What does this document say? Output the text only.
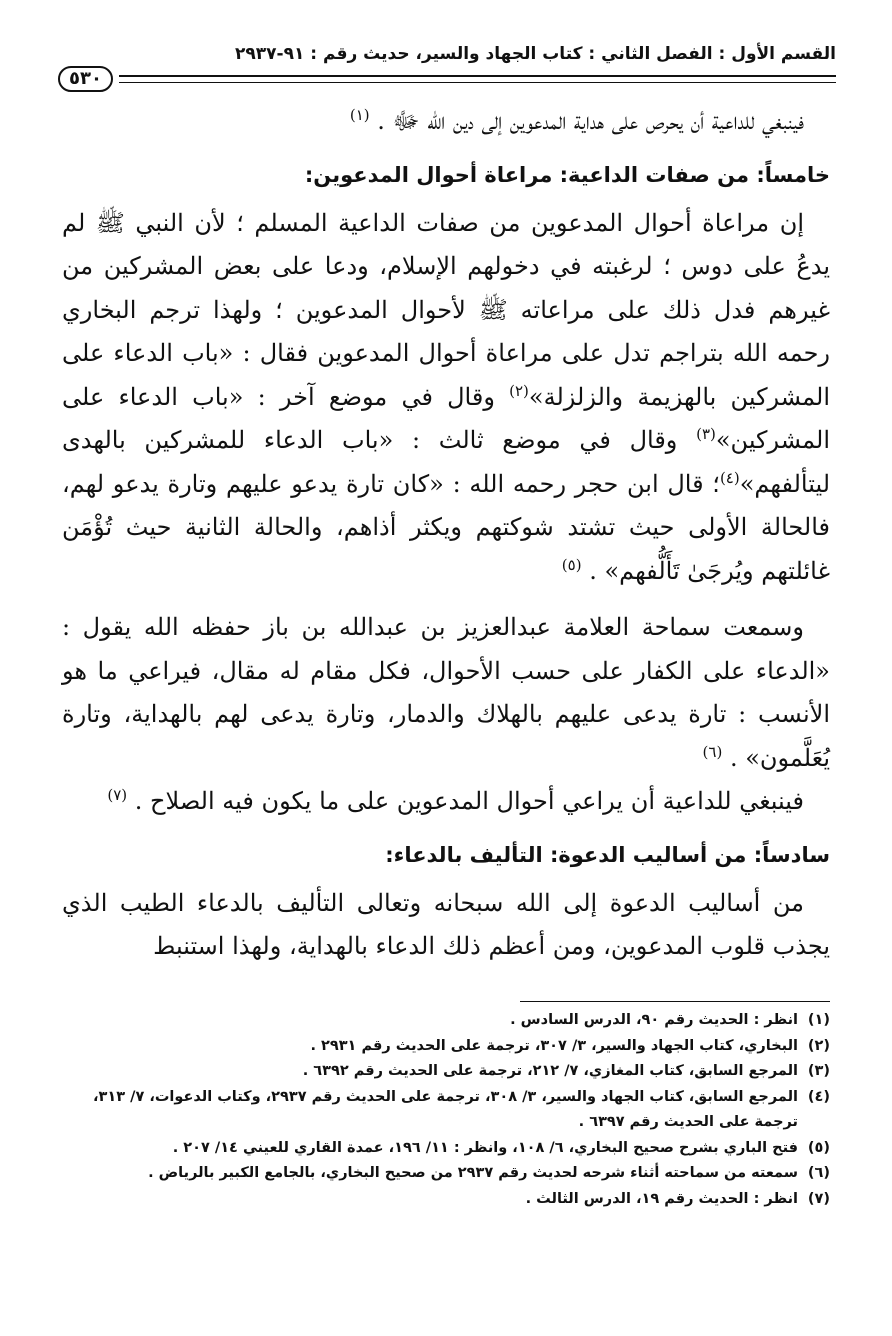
القسم الأول : الفصل الثاني : كتاب الجهاد والسير، حديث رقم : ٩١-٢٩٣٧
٥٣٠

فينبغي للداعية أن يحرص على هداية المدعوين إلى دين الله ﷻ . $^{(١)}$

خامساً: من صفات الداعية: مراعاة أحوال المدعوين:

إن مراعاة أحوال المدعوين من صفات الداعية المسلم ؛ لأن النبي ﷺ لم يدعُ على دوس ؛ لرغبته في دخولهم الإسلام، ودعا على بعض المشركين من غيرهم فدل ذلك على مراعاته ﷺ لأحوال المدعوين ؛ ولهذا ترجم البخاري رحمه الله بتراجم تدل على مراعاة أحوال المدعوين فقال : «باب الدعاء على المشركين بالهزيمة والزلزلة»$^{(٢)}$ وقال في موضع آخر : «باب الدعاء على المشركين»$^{(٣)}$ وقال في موضع ثالث : «باب الدعاء للمشركين بالهدى ليتألفهم»$^{(٤)}$؛ قال ابن حجر رحمه الله : «كان تارة يدعو عليهم وتارة يدعو لهم، فالحالة الأولى حيث تشتد شوكتهم ويكثر أذاهم، والحالة الثانية حيث تُؤْمَن غائلتهم ويُرجَىٰ تَأَلُّفهم» . $^{(٥)}$

وسمعت سماحة العلامة عبدالعزيز بن عبدالله بن باز حفظه الله يقول : «الدعاء على الكفار على حسب الأحوال، فكل مقام له مقال، فيراعي ما هو الأنسب : تارة يدعى عليهم بالهلاك والدمار، وتارة يدعى لهم بالهداية، وتارة يُعَلَّمون» . $^{(٦)}$

فينبغي للداعية أن يراعي أحوال المدعوين على ما يكون فيه الصلاح . $^{(٧)}$

سادساً: من أساليب الدعوة: التأليف بالدعاء:

من أساليب الدعوة إلى الله سبحانه وتعالى التأليف بالدعاء الطيب الذي يجذب قلوب المدعوين، ومن أعظم ذلك الدعاء بالهداية، ولهذا استنبط

(١)
انظر : الحديث رقم ٩٠، الدرس السادس .
(٢)
البخاري، كتاب الجهاد والسير، ٣/ ٣٠٧، ترجمة على الحديث رقم ٢٩٣١ .
(٣)
المرجع السابق، كتاب المغازي، ٧/ ٢١٢، ترجمة على الحديث رقم ٦٣٩٢ .
(٤)
المرجع السابق، كتاب الجهاد والسير، ٣/ ٣٠٨، ترجمة على الحديث رقم ٢٩٣٧، وكتاب الدعوات، ٧/ ٣١٣، ترجمة على الحديث رقم ٦٣٩٧ .
(٥)
فتح الباري بشرح صحيح البخاري، ٦/ ١٠٨، وانظر : ١١/ ١٩٦، عمدة القاري للعيني ١٤/ ٢٠٧ .
(٦)
سمعته من سماحته أثناء شرحه لحديث رقم ٢٩٣٧ من صحيح البخاري، بالجامع الكبير بالرياض .
(٧)
انظر : الحديث رقم ١٩، الدرس الثالث .
